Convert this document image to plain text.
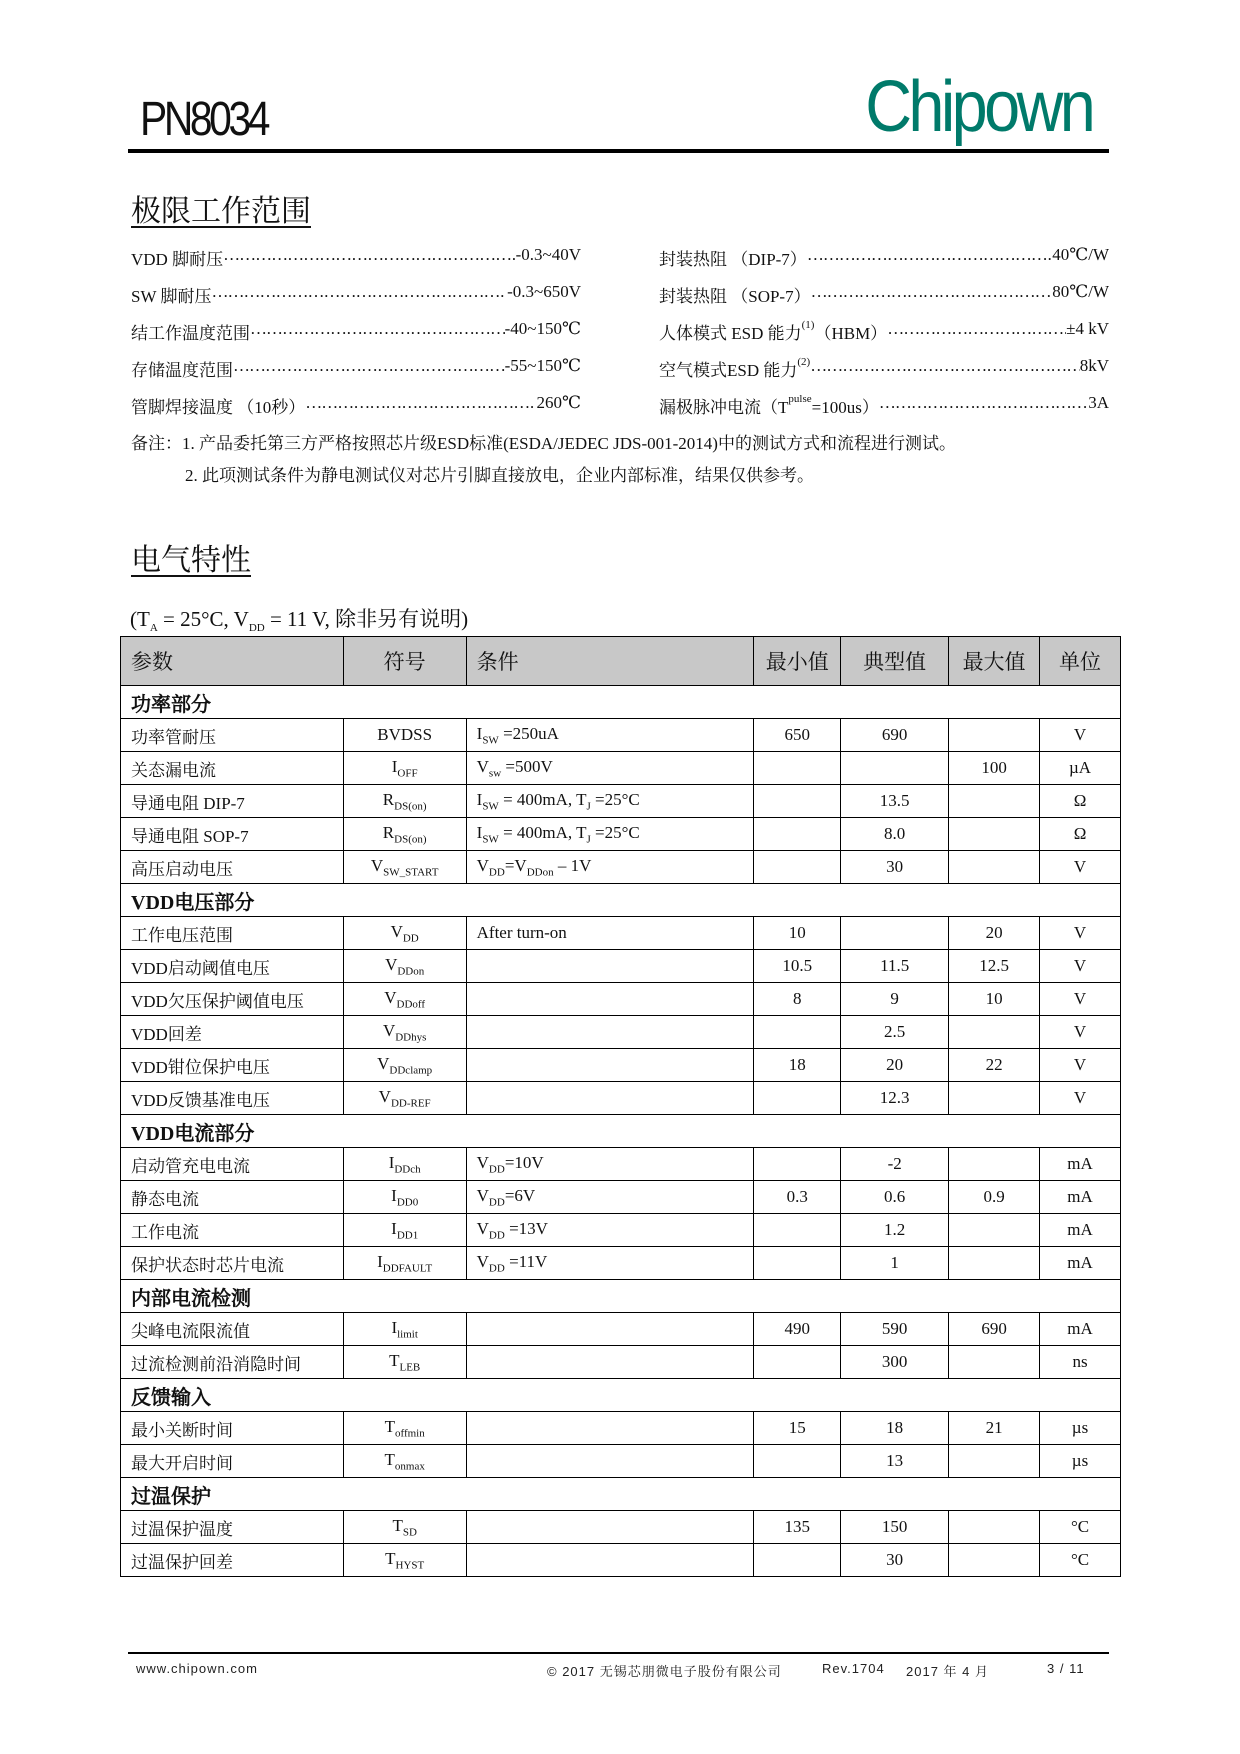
PN8034	Chipown
极限工作范围
VDD 脚耐压 ……………………………………………………………………………………………	-0.3~40V
SW 脚耐压 ……………………………………………………………………………………………	-0.3~650V
结工作温度范围 ……………………………………………………………………………………………	-40~150℃
存储温度范围 ……………………………………………………………………………………………	-55~150℃
管脚焊接温度 （10秒） ……………………………………………………………………………………………	260℃
封装热阻 （DIP-7） ……………………………………………………………………………………………	40℃/W
封装热阻 （SOP-7） ……………………………………………………………………………………………	80℃/W
人体模式 ESD 能力 (1) （HBM） ……………………………………………………………………………………………	±4 kV
空气模式ESD 能力 (2) ……………………………………………………………………………………………	8kV
漏极脉冲电流（T pulse =100us） ……………………………………………………………………………………………	3A
备注：1. 产品委托第三方严格按照芯片级ESD标准(ESDA/JEDEC JDS-001-2014)中的测试方式和流程进行测试。
2. 此项测试条件为静电测试仪对芯片引脚直接放电，企业内部标准，结果仅供参考。
电气特性
($T_A = 25^\circ C$, $V_{DD} = 11$ V, 除非另有说明)
参数	符号	条件	最小值	典型值	最大值	单位
功率部分						
功率管耐压	BVDSS	$I_{SW} =250uA$	650	690		V
关态漏电流	$I_{OFF}$	$V_{sw} =500V$			100	µA
导通电阻 DIP-7	$R_{DS(on)}$	$I_{SW} = 400mA$, $T_J =25^\circ C$		13.5		Ω
导通电阻 SOP-7	$R_{DS(on)}$	$I_{SW} = 400mA$, $T_J =25^\circ C$		8.0		Ω
高压启动电压	$V_{SW\_START}$	$V_{DD}=V_{DDon} - 1V$		30		V
VDD电压部分						
工作电压范围	$V_{DD}$	After turn-on	10		20	V
VDD启动阈值电压	$V_{DDon}$		10.5	11.5	12.5	V
VDD欠压保护阈值电压	$V_{DDoff}$		8	9	10	V
VDD回差	$V_{DDhys}$			2.5		V
VDD钳位保护电压	$V_{DDclamp}$		18	20	22	V
VDD反馈基准电压	$V_{DD-REF}$			12.3		V
VDD电流部分						
启动管充电电流	$I_{DDch}$	$V_{DD}=10V$		-2		mA
静态电流	$I_{DD0}$	$V_{DD}=6V$	0.3	0.6	0.9	mA
工作电流	$I_{DD1}$	$V_{DD} =13V$		1.2		mA
保护状态时芯片电流	$I_{DDFAULT}$	$V_{DD} =11V$		1		mA
内部电流检测						
尖峰电流限流值	$I_{limit}$		490	590	690	mA
过流检测前沿消隐时间	$T_{LEB}$			300		ns
反馈输入						
最小关断时间	$T_{offmin}$		15	18	21	µs
最大开启时间	$T_{onmax}$			13		µs
过温保护						
过温保护温度	$T_{SD}$		135	150		°C
过温保护回差	$T_{HYST}$			30		°C
www.chipown.com	© 2017 无锡芯朋微电子股份有限公司	Rev.1704 2017 年 4 月	3 / 11
